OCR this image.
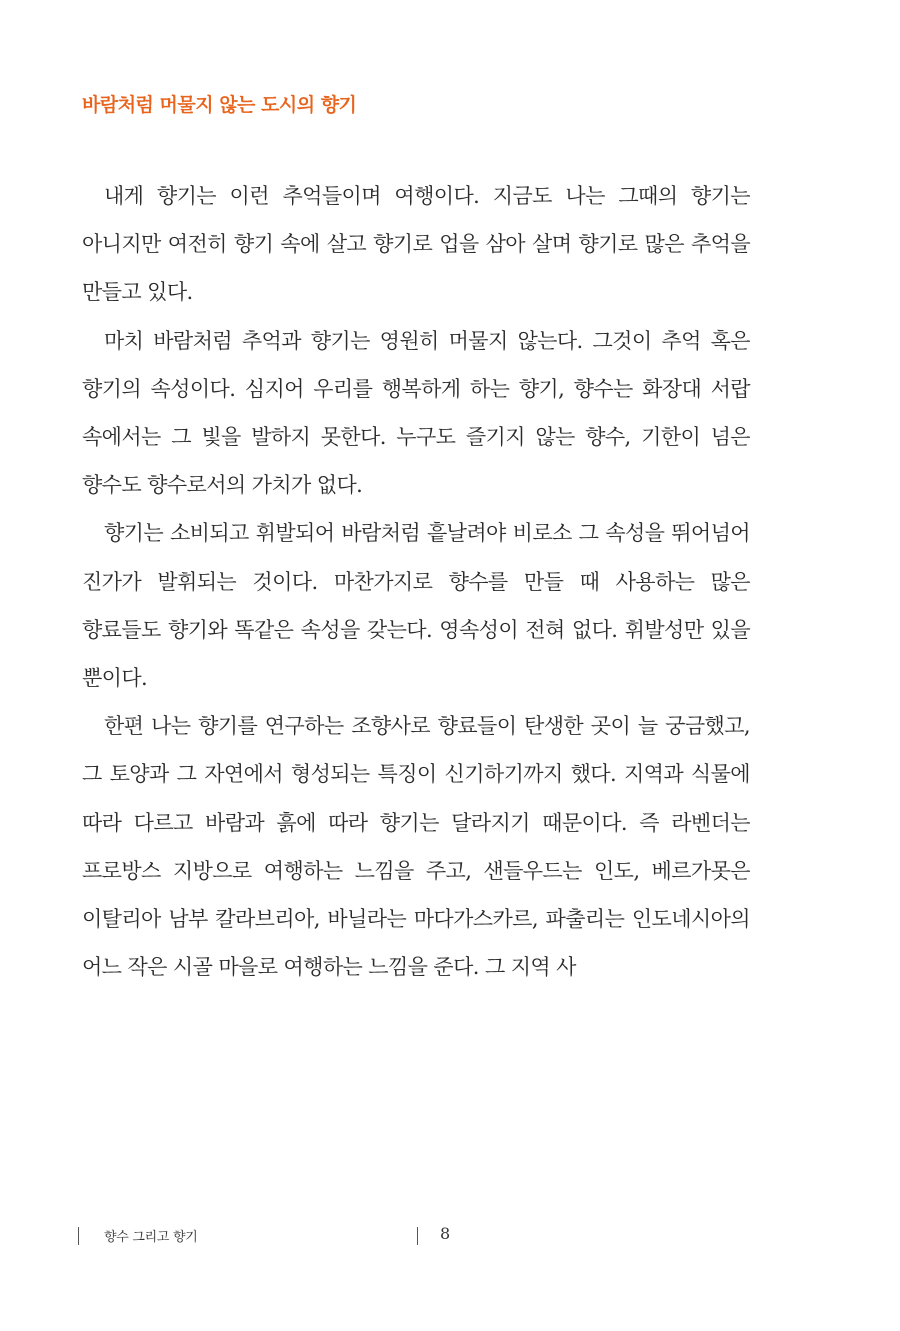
바람처럼 머물지 않는 도시의 향기

내게 향기는 이런 추억들이며 여행이다. 지금도 나는 그때의 향기는 아니지만 여전히 향기 속에 살고 향기로 업을 삼아 살며 향기로 많은 추억을 만들고 있다.

마치 바람처럼 추억과 향기는 영원히 머물지 않는다. 그것이 추억 혹은 향기의 속성이다. 심지어 우리를 행복하게 하는 향기, 향수는 화장대 서랍 속에서는 그 빛을 발하지 못한다. 누구도 즐기지 않는 향수, 기한이 넘은 향수도 향수로서의 가치가 없다.

향기는 소비되고 휘발되어 바람처럼 흩날려야 비로소 그 속성을 뛰어넘어 진가가 발휘되는 것이다. 마찬가지로 향수를 만들 때 사용하는 많은 향료들도 향기와 똑같은 속성을 갖는다. 영속성이 전혀 없다. 휘발성만 있을 뿐이다.

한편 나는 향기를 연구하는 조향사로 향료들이 탄생한 곳이 늘 궁금했고, 그 토양과 그 자연에서 형성되는 특징이 신기하기까지 했다. 지역과 식물에 따라 다르고 바람과 흙에 따라 향기는 달라지기 때문이다. 즉 라벤더는 프로방스 지방으로 여행하는 느낌을 주고, 샌들우드는 인도, 베르가못은 이탈리아 남부 칼라브리아, 바닐라는 마다가스카르, 파출리는 인도네시아의 어느 작은 시골 마을로 여행하는 느낌을 준다. 그 지역 사

향수 그리고 향기	8
